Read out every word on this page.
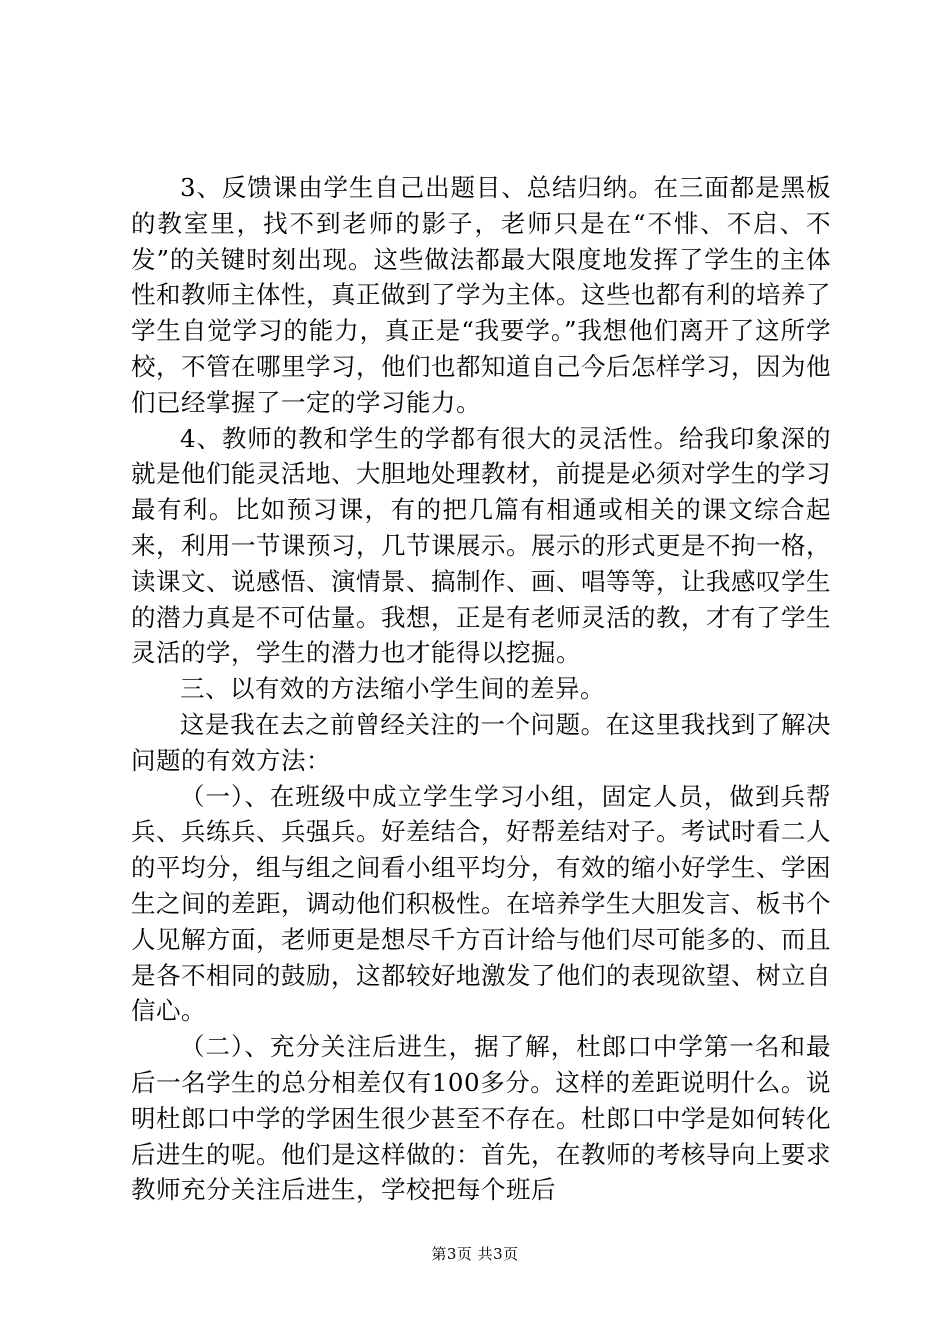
3、反馈课由学生自己出题目、总结归纳。在三面都是黑板的教室里，找不到老师的影子，老师只是在“不悱、不启、不发”的关键时刻出现。这些做法都最大限度地发挥了学生的主体性和教师主体性，真正做到了学为主体。这些也都有利的培养了学生自觉学习的能力，真正是“我要学。”我想他们离开了这所学校，不管在哪里学习，他们也都知道自己今后怎样学习，因为他们已经掌握了一定的学习能力。

4、教师的教和学生的学都有很大的灵活性。给我印象深的就是他们能灵活地、大胆地处理教材，前提是必须对学生的学习最有利。比如预习课，有的把几篇有相通或相关的课文综合起来，利用一节课预习，几节课展示。展示的形式更是不拘一格，读课文、说感悟、演情景、搞制作、画、唱等等，让我感叹学生的潜力真是不可估量。我想，正是有老师灵活的教，才有了学生灵活的学，学生的潜力也才能得以挖掘。

三、以有效的方法缩小学生间的差异。

这是我在去之前曾经关注的一个问题。在这里我找到了解决问题的有效方法：

（一）、在班级中成立学生学习小组，固定人员，做到兵帮兵、兵练兵、兵强兵。好差结合，好帮差结对子。考试时看二人的平均分，组与组之间看小组平均分，有效的缩小好学生、学困生之间的差距，调动他们积极性。在培养学生大胆发言、板书个人见解方面，老师更是想尽千方百计给与他们尽可能多的、而且是各不相同的鼓励，这都较好地激发了他们的表现欲望、树立自信心。

（二）、充分关注后进生，据了解，杜郎口中学第一名和最后一名学生的总分相差仅有100多分。这样的差距说明什么。说明杜郎口中学的学困生很少甚至不存在。杜郎口中学是如何转化后进生的呢。他们是这样做的：首先，在教师的考核导向上要求教师充分关注后进生，学校把每个班后

第3页 共3页
